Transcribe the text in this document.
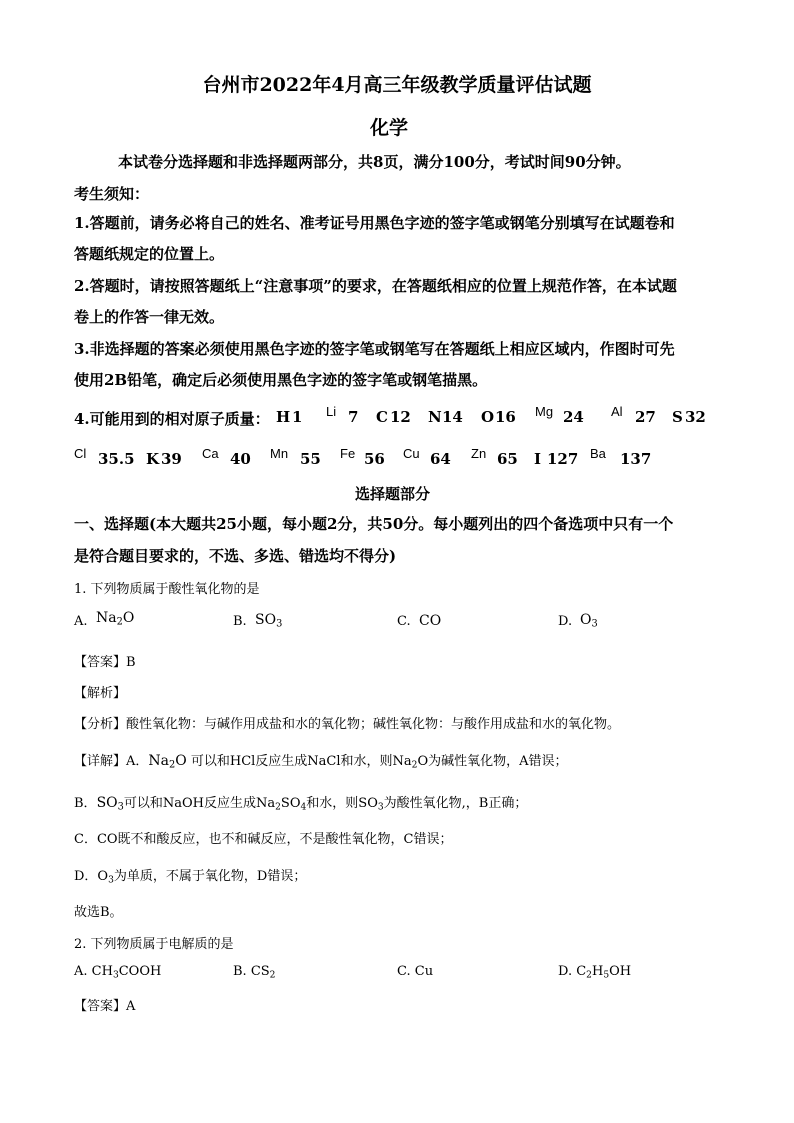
台州市2022年4月高三年级教学质量评估试题
化学
本试卷分选择题和非选择题两部分，共8页，满分100分，考试时间90分钟。
考生须知：
1.答题前，请务必将自己的姓名、准考证号用黑色字迹的签字笔或钢笔分别填写在试题卷和
答题纸规定的位置上。
2.答题时，请按照答题纸上“注意事项”的要求，在答题纸相应的位置上规范作答，在本试题
卷上的作答一律无效。
3.非选择题的答案必须使用黑色字迹的签字笔或钢笔写在答题纸上相应区域内，作图时可先
使用2B铅笔，确定后必须使用黑色字迹的签字笔或钢笔描黑。
4.可能用到的相对原子质量： H 1 Li 7 C 12 N 14 O 16 Mg 24 Al 27 S 32
Cl 35.5 K 39 Ca 40 Mn 55 Fe 56 Cu 64 Zn 65 I 127 Ba 137
选择题部分
一、选择题(本大题共25小题，每小题2分，共50分。每小题列出的四个备选项中只有一个
是符合题目要求的，不选、多选、错选均不得分)
1. 下列物质属于酸性氧化物的是
A. $Na_2O$	B. $SO_3$	C. CO	D. $O_3$
【答案】B
【解析】
【分析】酸性氧化物：与碱作用成盐和水的氧化物；碱性氧化物：与酸作用成盐和水的氧化物。
【详解】A．$Na_2O$ 可以和HCl反应生成NaCl和水，则$Na_2O$为碱性氧化物，A错误；
B．$SO_3$可以和NaOH反应生成$Na_2SO_4$和水，则$SO_3$为酸性氧化物,，B正确；
C．CO既不和酸反应，也不和碱反应，不是酸性氧化物，C错误；
D．$O_3$为单质，不属于氧化物，D错误；
故选B。
2. 下列物质属于电解质的是
A. $CH_3COOH$	B. $CS_2$	C. Cu	D. $C_2H_5OH$
【答案】A
